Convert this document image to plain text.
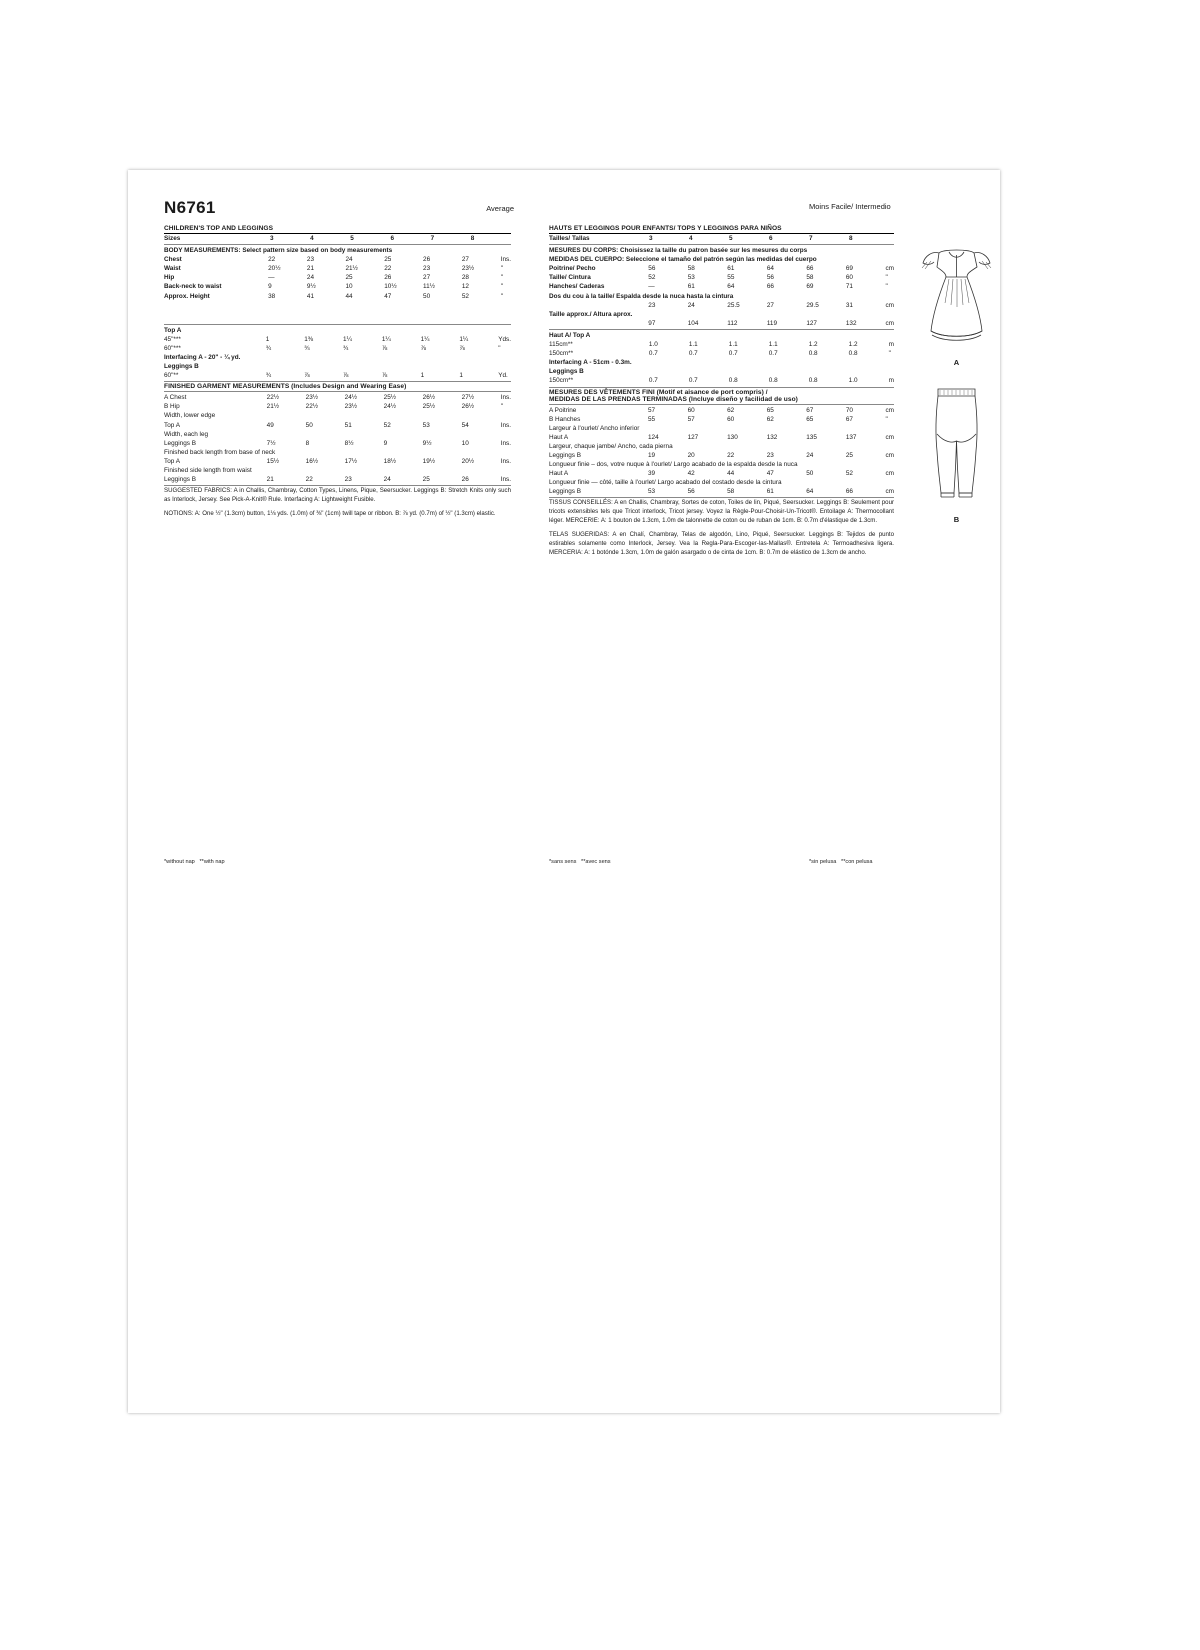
N6761	Average	Moins Facile/ Intermedio
CHILDREN'S TOP AND LEGGINGS
Sizes	3	4	5	6	7	8	
BODY MEASUREMENTS: Select pattern size based on body measurements							
Chest	22	23	24	25	26	27	Ins.
Waist	20½	21	21½	22	23	23½	"
Hip	—	24	25	26	27	28	"
Back-neck to waist	9	9½	10	10½	11½	12	"
Approx. Height	38	41	44	47	50	52	"
Top A							
45"***	1	1⅜	1¼	1¼	1¼	1¼	Yds.
60"***	¾	¾	¾	⅞	⅞	⅞	"
Interfacing A - 20" - ¼ yd.							
Leggings B							
60"**	¾	⅞	⅞	⅞	1	1	Yd.
FINISHED GARMENT MEASUREMENTS (Includes Design and Wearing Ease)
A Chest	22½	23½	24½	25½	26½	27½	Ins.
B Hip	21½	22½	23½	24½	25½	26½	"
Width, lower edge							
Top A	49	50	51	52	53	54	Ins.
Width, each leg							
Leggings B	7½	8	8½	9	9½	10	Ins.
Finished back length from base of neck							
Top A	15½	16½	17½	18½	19½	20½	Ins.
Finished side length from waist							
Leggings B	21	22	23	24	25	26	Ins.
SUGGESTED FABRICS: A in Challis, Chambray, Cotton Types, Linens, Pique, Seersucker. Leggings B: Stretch Knits only such as Interlock, Jersey. See Pick-A-Knit® Rule. Interfacing A: Lightweight Fusible.
NOTIONS: A: One ½" (1.3cm) button, 1⅛ yds. (1.0m) of ⅜" (1cm) twill tape or ribbon. B: ⅞ yd. (0.7m) of ½" (1.3cm) elastic.
HAUTS ET LEGGINGS POUR ENFANTS/ TOPS Y LEGGINGS PARA NIÑOS
Tailles/ Tallas	3	4	5	6	7	8	
MESURES DU CORPS: Choisissez la taille du patron basée sur les mesures du corps							
MEDIDAS DEL CUERPO: Seleccione el tamaño del patrón según las medidas del cuerpo							
Poitrine/ Pecho	56	58	61	64	66	69	cm
Taille/ Cintura	52	53	55	56	58	60	"
Hanches/ Caderas	—	61	64	66	69	71	"
Dos du cou à la taille/ Espalda desde la nuca hasta la cintura							
	23	24	25.5	27	29.5	31	cm
Taille approx./ Altura aprox.							
	97	104	112	119	127	132	cm
Haut A/ Top A							
115cm**	1.0	1.1	1.1	1.1	1.2	1.2	m
150cm**	0.7	0.7	0.7	0.7	0.8	0.8	"
Interfacing A - 51cm - 0.3m.							
Leggings B							
150cm**	0.7	0.7	0.8	0.8	0.8	1.0	m
MESURES DES VÊTEMENTS FINI (Motif et aisance de port compris) /
MEDIDAS DE LAS PRENDAS TERMINADAS (Incluye diseño y facilidad de uso)
A Poitrine	57	60	62	65	67	70	cm
B Hanches	55	57	60	62	65	67	"
Largeur à l'ourlet/ Ancho inferior							
Haut A	124	127	130	132	135	137	cm
Largeur, chaque jambe/ Ancho, cada pierna							
Leggings B	19	20	22	23	24	25	cm
Longueur finie – dos, votre nuque à l'ourlet/ Largo acabado de la espalda desde la nuca							
Haut A	39	42	44	47	50	52	cm
Longueur finie — côté, taille à l'ourlet/ Largo acabado del costado desde la cintura							
Leggings B	53	56	58	61	64	66	cm
TISSUS CONSEILLÉS: A en Challis, Chambray, Sortes de coton, Toiles de lin, Piqué, Seersucker. Leggings B: Seulement pour tricots extensibles tels que Tricot interlock, Tricot jersey. Voyez la Règle-Pour-Choisir-Un-Tricot®. Entoilage A: Thermocollant léger. MERCERIE: A: 1 bouton de 1.3cm, 1.0m de talonnette de coton ou de ruban de 1cm. B: 0.7m d'élastique de 1.3cm.
TELAS SUGERIDAS: A en Chalí, Chambray, Telas de algodón, Lino, Piqué, Seersucker. Leggings B: Tejidos de punto estirables solamente como Interlock, Jersey. Vea la Regla-Para-Escoger-las-Mallas®. Entretela A: Termoadhesiva ligera. MERCERIA: A: 1 botónde 1.3cm, 1.0m de galón asargado o de cinta de 1cm. B: 0.7m de elástico de 1.3cm de ancho.
A
B
*without nap **with nap	*sans sens **avec sens	*sin pelusa **con pelusa
